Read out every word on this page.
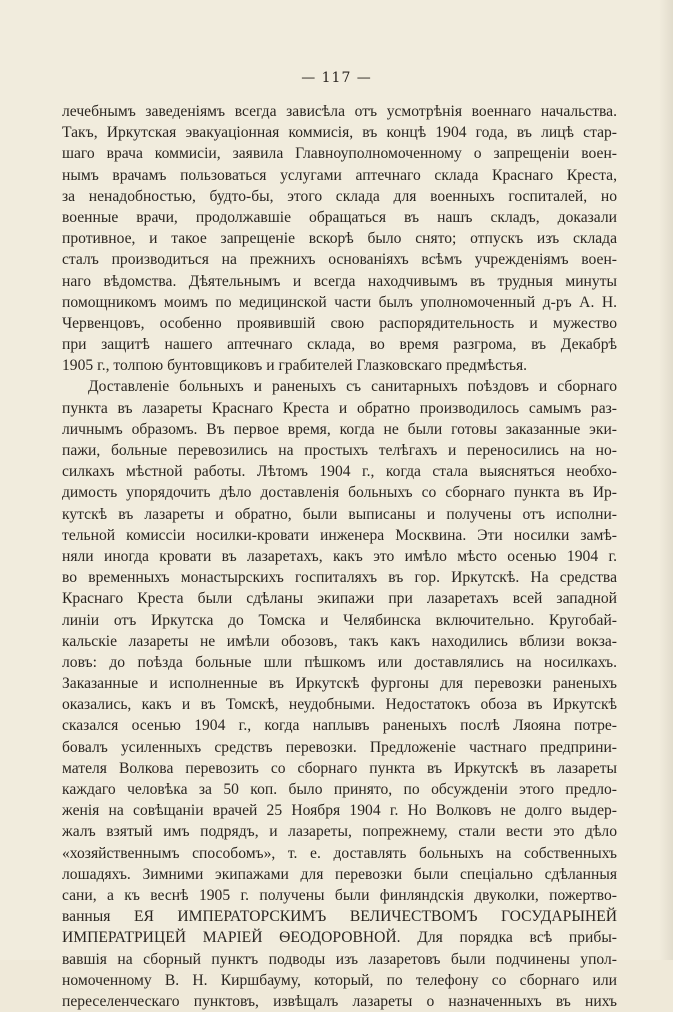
— 117 —
лечебнымъ заведеніямъ всегда зависѣла отъ усмотрѣнія военнаго начальства.
Такъ, Иркутская эвакуаціонная коммисія, въ концѣ 1904 года, въ лицѣ стар-
шаго врача коммисіи, заявила Главноуполномоченному о запрещеніи воен-
нымъ врачамъ пользоваться услугами аптечнаго склада Краснаго Креста,
за ненадобностью, будто-бы, этого склада для военныхъ госпиталей, но
военные врачи, продолжавшіе обращаться въ нашъ складъ, доказали
противное, и такое запрещеніе вскорѣ было снято; отпускъ изъ склада
сталъ производиться на прежнихъ основаніяхъ всѣмъ учрежденіямъ воен-
наго вѣдомства. Дѣятельнымъ и всегда находчивымъ въ трудныя минуты
помощникомъ моимъ по медицинской части былъ уполномоченный д-ръ А. Н.
Червенцовъ, особенно проявившій свою распорядительность и мужество
при защитѣ нашего аптечнаго склада, во время разгрома, въ Декабрѣ
1905 г., толпою бунтовщиковъ и грабителей Глазковскаго предмѣстья.
Доставленіе больныхъ и раненыхъ съ санитарныхъ поѣздовъ и сборнаго
пункта въ лазареты Краснаго Креста и обратно производилось самымъ раз-
личнымъ образомъ. Въ первое время, когда не были готовы заказанные эки-
пажи, больные перевозились на простыхъ телѣгахъ и переносились на но-
силкахъ мѣстной работы. Лѣтомъ 1904 г., когда стала выясняться необхо-
димость упорядочить дѣло доставленія больныхъ со сборнаго пункта въ Ир-
кутскѣ въ лазареты и обратно, были выписаны и получены отъ исполни-
тельной комиссіи носилки-кровати инженера Москвина. Эти носилки замѣ-
няли иногда кровати въ лазаретахъ, какъ это имѣло мѣсто осенью 1904 г.
во временныхъ монастырскихъ госпиталяхъ въ гор. Иркутскѣ. На средства
Краснаго Креста были сдѣланы экипажи при лазаретахъ всей западной
линіи отъ Иркутска до Томска и Челябинска включительно. Кругобай-
кальскіе лазареты не имѣли обозовъ, такъ какъ находились вблизи вокза-
ловъ: до поѣзда больные шли пѣшкомъ или доставлялись на носилкахъ.
Заказанные и исполненные въ Иркутскѣ фургоны для перевозки раненыхъ
оказались, какъ и въ Томскѣ, неудобными. Недостатокъ обоза въ Иркутскѣ
сказался осенью 1904 г., когда наплывъ раненыхъ послѣ Ляояна потре-
бовалъ усиленныхъ средствъ перевозки. Предложеніе частнаго предприни-
мателя Волкова перевозить со сборнаго пункта въ Иркутскѣ въ лазареты
каждаго человѣка за 50 коп. было принято, по обсужденіи этого предло-
женія на совѣщаніи врачей 25 Ноября 1904 г. Но Волковъ не долго выдер-
жалъ взятый имъ подрядъ, и лазареты, попрежнему, стали вести это дѣло
«хозяйственнымъ способомъ», т. е. доставлять больныхъ на собственныхъ
лошадяхъ. Зимними экипажами для перевозки были спеціально сдѣланныя
сани, а къ веснѣ 1905 г. получены были финляндскія двуколки, пожертво-
ванныя ЕЯ ИМПЕРАТОРСКИМЪ ВЕЛИЧЕСТВОМЪ ГОСУДАРЫНЕЙ
ИМПЕРАТРИЦЕЙ МАРІЕЙ ѲЕОДОРОВНОЙ. Для порядка всѣ прибы-
вавшія на сборный пунктъ подводы изъ лазаретовъ были подчинены упол-
номоченному В. Н. Киршбауму, который, по телефону со сборнаго или
переселенческаго пунктовъ, извѣщалъ лазареты о назначенныхъ въ нихъ
